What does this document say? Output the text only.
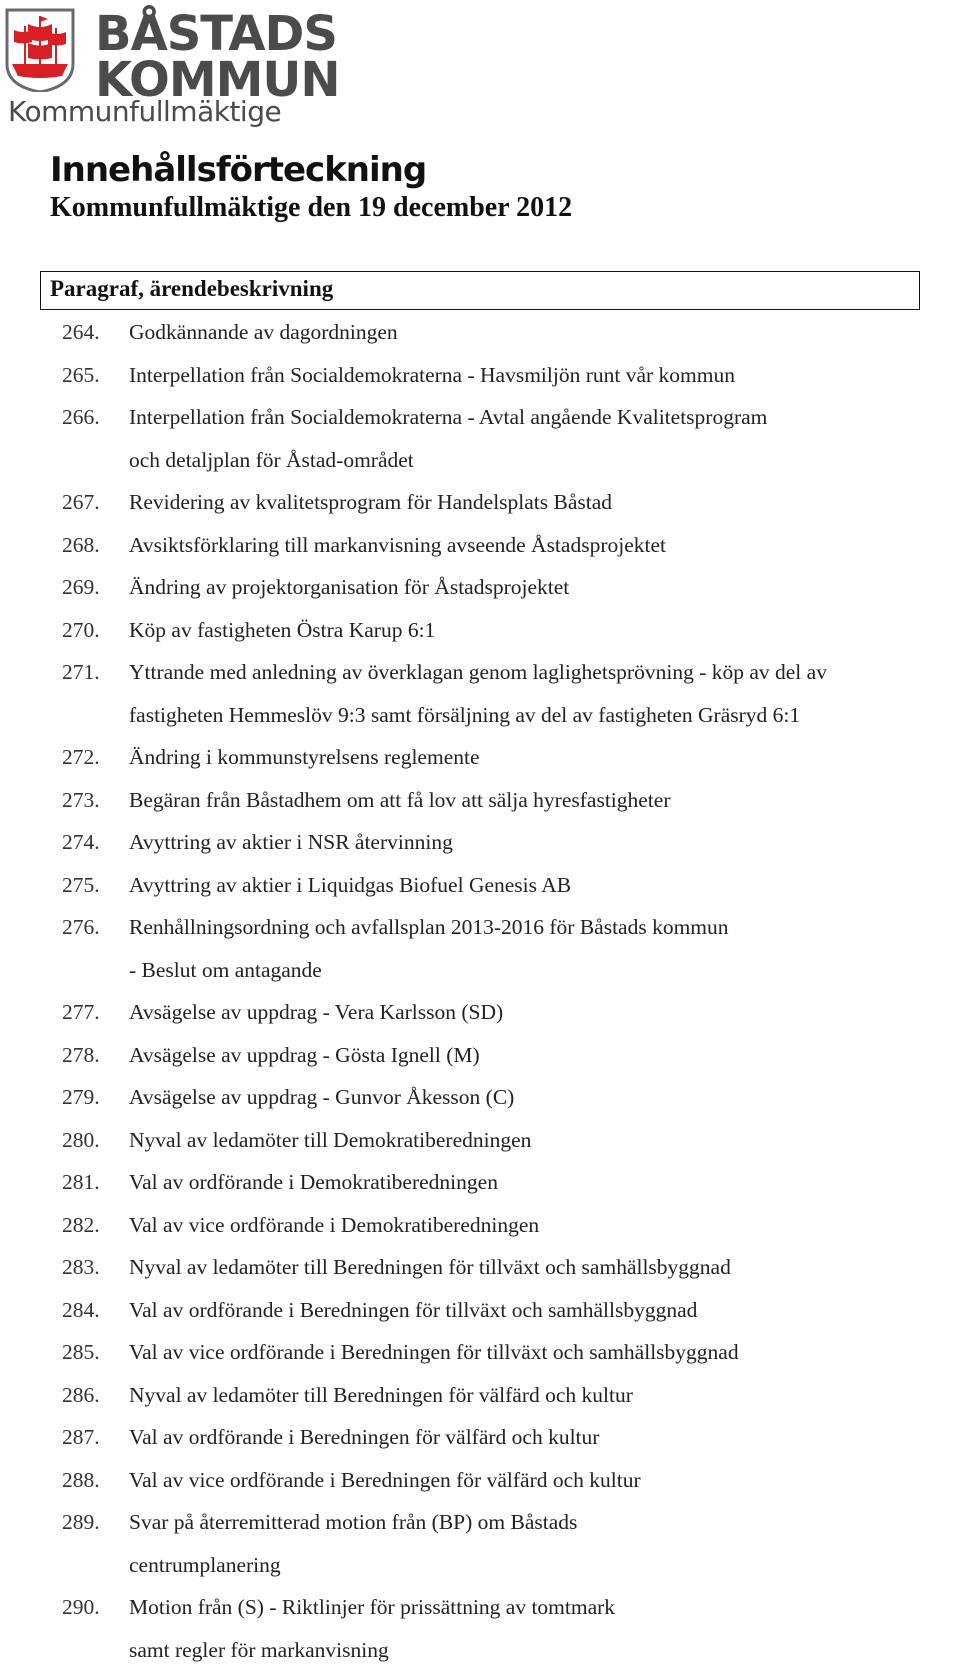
BÅSTADS
KOMMUN
Kommunfullmäktige
Innehållsförteckning
Kommunfullmäktige den 19 december 2012
Paragraf, ärendebeskrivning
264.	Godkännande av dagordningen
265.	Interpellation från Socialdemokraterna - Havsmiljön runt vår kommun
266.	Interpellation från Socialdemokraterna - Avtal angående Kvalitetsprogram
och detaljplan för Åstad-området
267.	Revidering av kvalitetsprogram för Handelsplats Båstad
268.	Avsiktsförklaring till markanvisning avseende Åstadsprojektet
269.	Ändring av projektorganisation för Åstadsprojektet
270.	Köp av fastigheten Östra Karup 6:1
271.	Yttrande med anledning av överklagan genom laglighetsprövning - köp av del av
fastigheten Hemmeslöv 9:3 samt försäljning av del av fastigheten Gräsryd 6:1
272.	Ändring i kommunstyrelsens reglemente
273.	Begäran från Båstadhem om att få lov att sälja hyresfastigheter
274.	Avyttring av aktier i NSR återvinning
275.	Avyttring av aktier i Liquidgas Biofuel Genesis AB
276.	Renhållningsordning och avfallsplan 2013-2016 för Båstads kommun
- Beslut om antagande
277.	Avsägelse av uppdrag - Vera Karlsson (SD)
278.	Avsägelse av uppdrag - Gösta Ignell (M)
279.	Avsägelse av uppdrag - Gunvor Åkesson (C)
280.	Nyval av ledamöter till Demokratiberedningen
281.	Val av ordförande i Demokratiberedningen
282.	Val av vice ordförande i Demokratiberedningen
283.	Nyval av ledamöter till Beredningen för tillväxt och samhällsbyggnad
284.	Val av ordförande i Beredningen för tillväxt och samhällsbyggnad
285.	Val av vice ordförande i Beredningen för tillväxt och samhällsbyggnad
286.	Nyval av ledamöter till Beredningen för välfärd och kultur
287.	Val av ordförande i Beredningen för välfärd och kultur
288.	Val av vice ordförande i Beredningen för välfärd och kultur
289.	Svar på återremitterad motion från (BP) om Båstads
centrumplanering
290.	Motion från (S) - Riktlinjer för prissättning av tomtmark
samt regler för markanvisning
